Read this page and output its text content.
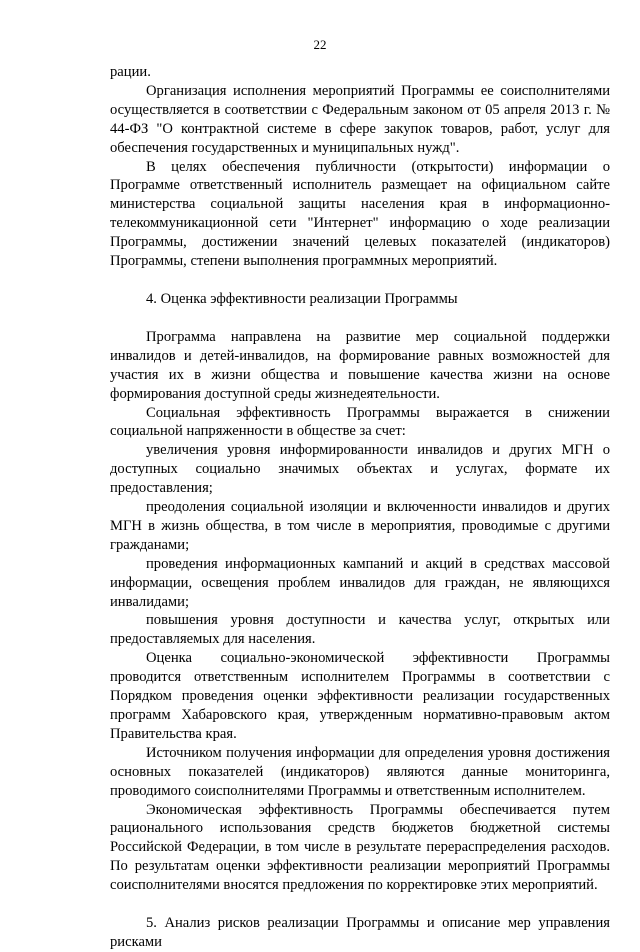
22

рации.

Организация исполнения мероприятий Программы ее соисполнителями осуществляется в соответствии с Федеральным законом от 05 апреля 2013 г. № 44-ФЗ "О контрактной системе в сфере закупок товаров, работ, услуг для обеспечения государственных и муниципальных нужд".

В целях обеспечения публичности (открытости) информации о Программе ответственный исполнитель размещает на официальном сайте министерства социальной защиты населения края в информационно-телекоммуникационной сети "Интернет" информацию о ходе реализации Программы, достижении значений целевых показателей (индикаторов) Программы, степени выполнения программных мероприятий.

4. Оценка эффективности реализации Программы

Программа направлена на развитие мер социальной поддержки инвалидов и детей-инвалидов, на формирование равных возможностей для участия их в жизни общества и повышение качества жизни на основе формирования доступной среды жизнедеятельности.

Социальная эффективность Программы выражается в снижении социальной напряженности в обществе за счет:

увеличения уровня информированности инвалидов и других МГН о доступных социально значимых объектах и услугах, формате их предоставления;

преодоления социальной изоляции и включенности инвалидов и других МГН в жизнь общества, в том числе в мероприятия, проводимые с другими гражданами;

проведения информационных кампаний и акций в средствах массовой информации, освещения проблем инвалидов для граждан, не являющихся инвалидами;

повышения уровня доступности и качества услуг, открытых или предоставляемых для населения.

Оценка социально-экономической эффективности Программы проводится ответственным исполнителем Программы в соответствии с Порядком проведения оценки эффективности реализации государственных программ Хабаровского края, утвержденным нормативно-правовым актом Правительства края.

Источником получения информации для определения уровня достижения основных показателей (индикаторов) являются данные мониторинга, проводимого соисполнителями Программы и ответственным исполнителем.

Экономическая эффективность Программы обеспечивается путем рационального использования средств бюджетов бюджетной системы Российской Федерации, в том числе в результате перераспределения расходов. По результатам оценки эффективности реализации мероприятий Программы соисполнителями вносятся предложения по корректировке этих мероприятий.

5. Анализ рисков реализации Программы и описание мер управления рисками
